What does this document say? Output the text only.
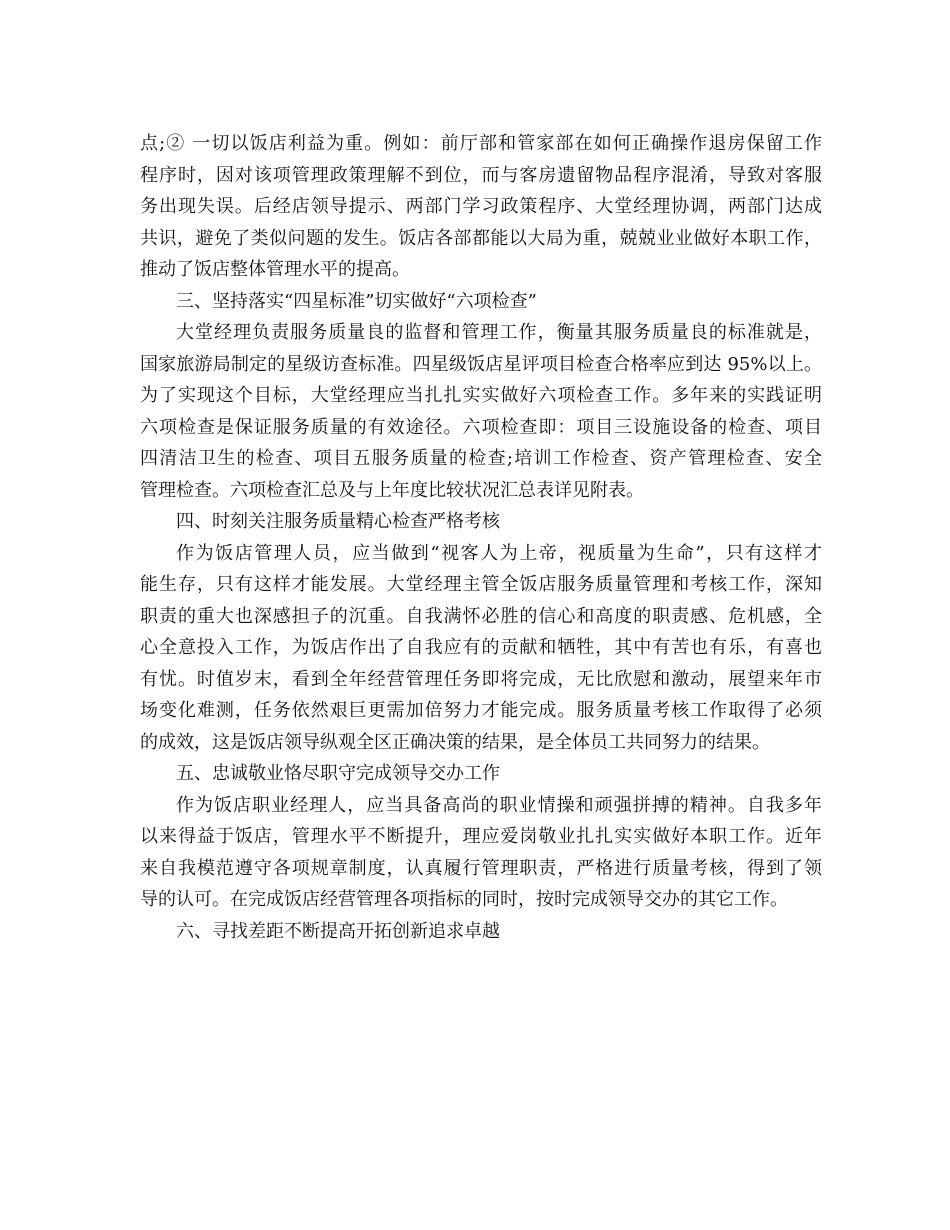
点;② 一切以饭店利益为重。例如：前厅部和管家部在如何正确操作退房保留工作
程序时，因对该项管理政策理解不到位，而与客房遗留物品程序混淆，导致对客服
务出现失误。后经店领导提示、两部门学习政策程序、大堂经理协调，两部门达成
共识，避免了类似问题的发生。饭店各部都能以大局为重，兢兢业业做好本职工作，
推动了饭店整体管理水平的提高。
三、坚持落实“四星标准”切实做好“六项检查”
大堂经理负责服务质量良的监督和管理工作，衡量其服务质量良的标准就是，
国家旅游局制定的星级访查标准。四星级饭店星评项目检查合格率应到达 95%以上。
为了实现这个目标，大堂经理应当扎扎实实做好六项检查工作。多年来的实践证明
六项检查是保证服务质量的有效途径。六项检查即：项目三设施设备的检查、项目
四清洁卫生的检查、项目五服务质量的检查;培训工作检查、资产管理检查、安全
管理检查。六项检查汇总及与上年度比较状况汇总表详见附表。
四、时刻关注服务质量精心检查严格考核
作为饭店管理人员，应当做到“视客人为上帝，视质量为生命”，只有这样才
能生存，只有这样才能发展。大堂经理主管全饭店服务质量管理和考核工作，深知
职责的重大也深感担子的沉重。自我满怀必胜的信心和高度的职责感、危机感，全
心全意投入工作，为饭店作出了自我应有的贡献和牺牲，其中有苦也有乐，有喜也
有忧。时值岁末，看到全年经营管理任务即将完成，无比欣慰和激动，展望来年市
场变化难测，任务依然艰巨更需加倍努力才能完成。服务质量考核工作取得了必须
的成效，这是饭店领导纵观全区正确决策的结果，是全体员工共同努力的结果。
五、忠诚敬业恪尽职守完成领导交办工作
作为饭店职业经理人，应当具备高尚的职业情操和顽强拼搏的精神。自我多年
以来得益于饭店，管理水平不断提升，理应爱岗敬业扎扎实实做好本职工作。近年
来自我模范遵守各项规章制度，认真履行管理职责，严格进行质量考核，得到了领
导的认可。在完成饭店经营管理各项指标的同时，按时完成领导交办的其它工作。
六、寻找差距不断提高开拓创新追求卓越
